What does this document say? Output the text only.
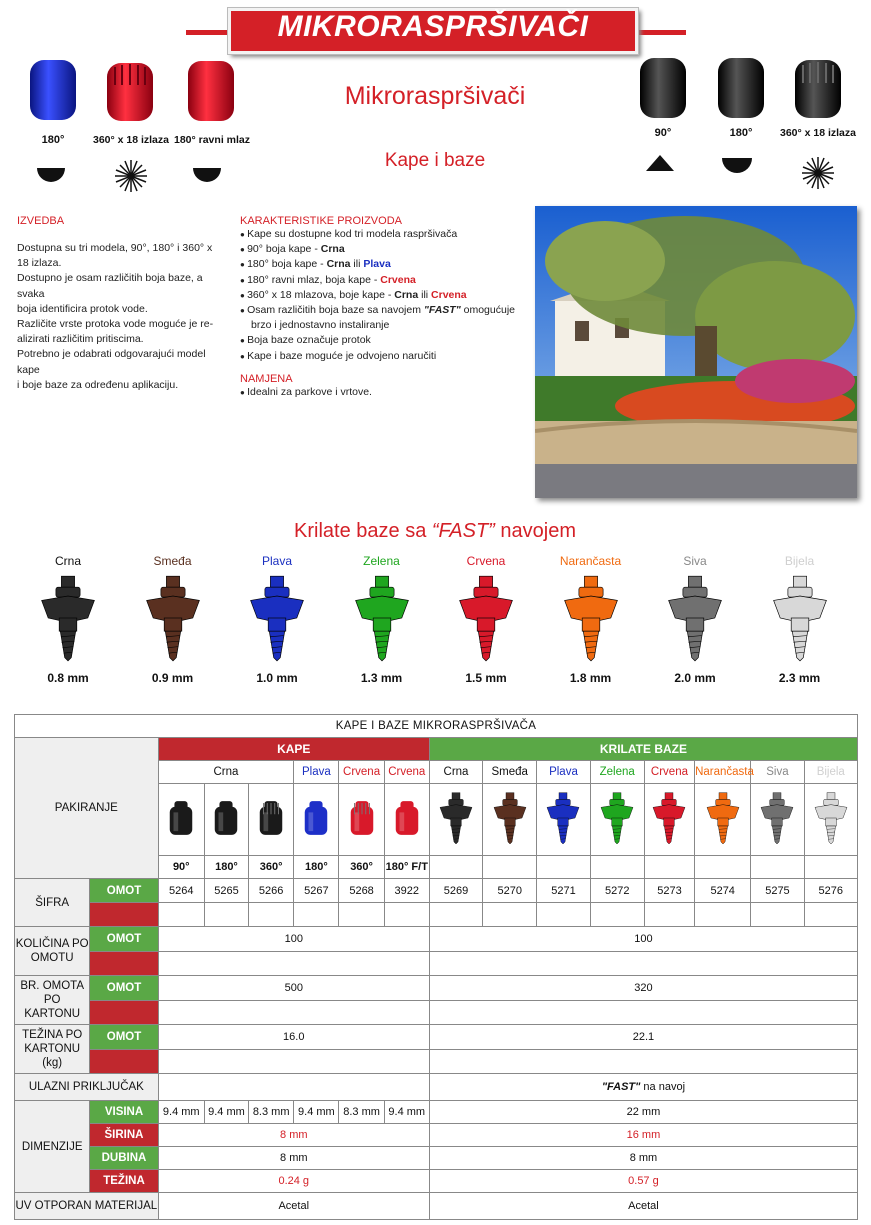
MIKRORASPRŠIVAČI
Mikroraspršivači
Kape i baze
180°	360° x 18 izlaza 180° ravni mlaz
90°	180°	360° x 18 izlaza
IZVEDBA
Dostupna su tri modela, 90°, 180° i 360° x
18 izlaza.
Dostupno je osam različitih boja baze, a svaka
boja identificira protok vode.
Različite vrste protoka vode moguće je re-
alizirati različitim pritiscima.
Potrebno je odabrati odgovarajući model kape
i boje baze za određenu aplikaciju.
KARAKTERISTIKE PROIZVODA
● Kape su dostupne kod tri modela raspršivača
● 90° boja kape - Crna
● 180° boja kape - Crna ili Plava
● 180° ravni mlaz, boja kape - Crvena
● 360° x 18 mlazova, boje kape - Crna ili Crvena
● Osam različitih boja baze sa navojem "FAST" omogućuje brzo i jednostavno instaliranje
● Boja baze označuje protok
● Kape i baze moguće je odvojeno naručiti
NAMJENA
● Idealni za parkove i vrtove.
Krilate baze sa “FAST” navojem
Crna
0.8 mm
Smeđa
0.9 mm
Plava
1.0 mm
Zelena
1.3 mm
Crvena
1.5 mm
Narančasta
1.8 mm
Siva
2.0 mm
Bijela
2.3 mm
KAPE I BAZE MIKRORASPRŠIVAČA															
PAKIRANJE		KAPE						KRILATE BAZE							
		Crna			Plava	Crvena	Crvena	Crna	Smeđa	Plava	Zelena	Crvena	Narančasta	Siva	Bijela

		90°	180°	360°	180°	360°	180° F/T								
ŠIFRA	OMOT	5264	5265	5266	5267	5268	3922	5269	5270	5271	5272	5273	5274	5275	5276

KOLIČINA PO OMOTU	OMOT	100						100							

BR. OMOTA PO KARTONU	OMOT	500						320							

TEŽINA PO KARTONU (kg)	OMOT	16.0						22.1							

ULAZNI PRIKLJUČAK								"FAST" na navoj							
DIMENZIJE	VISINA	9.4 mm	9.4 mm	8.3 mm	9.4 mm	8.3 mm	9.4 mm	22 mm							
	ŠIRINA	8 mm						16 mm							
	DUBINA	8 mm						8 mm							
	TEŽINA	0.24 g						0.57 g							
UV OTPORAN MATERIJAL		Acetal						Acetal							
